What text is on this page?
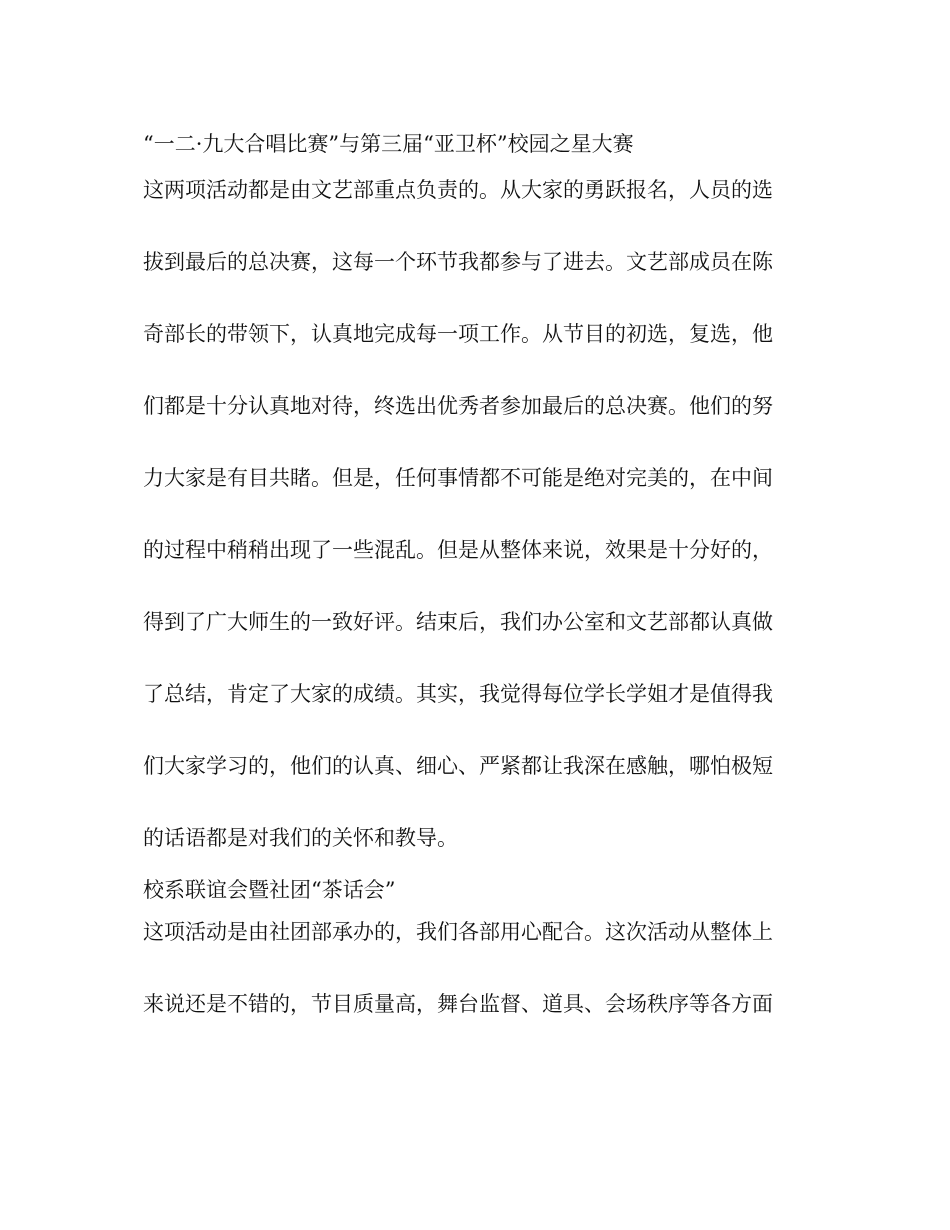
“一二·九大合唱比赛”与第三届“亚卫杯”校园之星大赛
这两项活动都是由文艺部重点负责的。从大家的勇跃报名，人员的选
拔到最后的总决赛，这每一个环节我都参与了进去。文艺部成员在陈
奇部长的带领下，认真地完成每一项工作。从节目的初选，复选，他
们都是十分认真地对待，终选出优秀者参加最后的总决赛。他们的努
力大家是有目共睹。但是，任何事情都不可能是绝对完美的，在中间
的过程中稍稍出现了一些混乱。但是从整体来说，效果是十分好的，
得到了广大师生的一致好评。结束后，我们办公室和文艺部都认真做
了总结，肯定了大家的成绩。其实，我觉得每位学长学姐才是值得我
们大家学习的，他们的认真、细心、严紧都让我深在感触，哪怕极短
的话语都是对我们的关怀和教导。
校系联谊会暨社团“茶话会”
这项活动是由社团部承办的，我们各部用心配合。这次活动从整体上
来说还是不错的，节目质量高，舞台监督、道具、会场秩序等各方面
